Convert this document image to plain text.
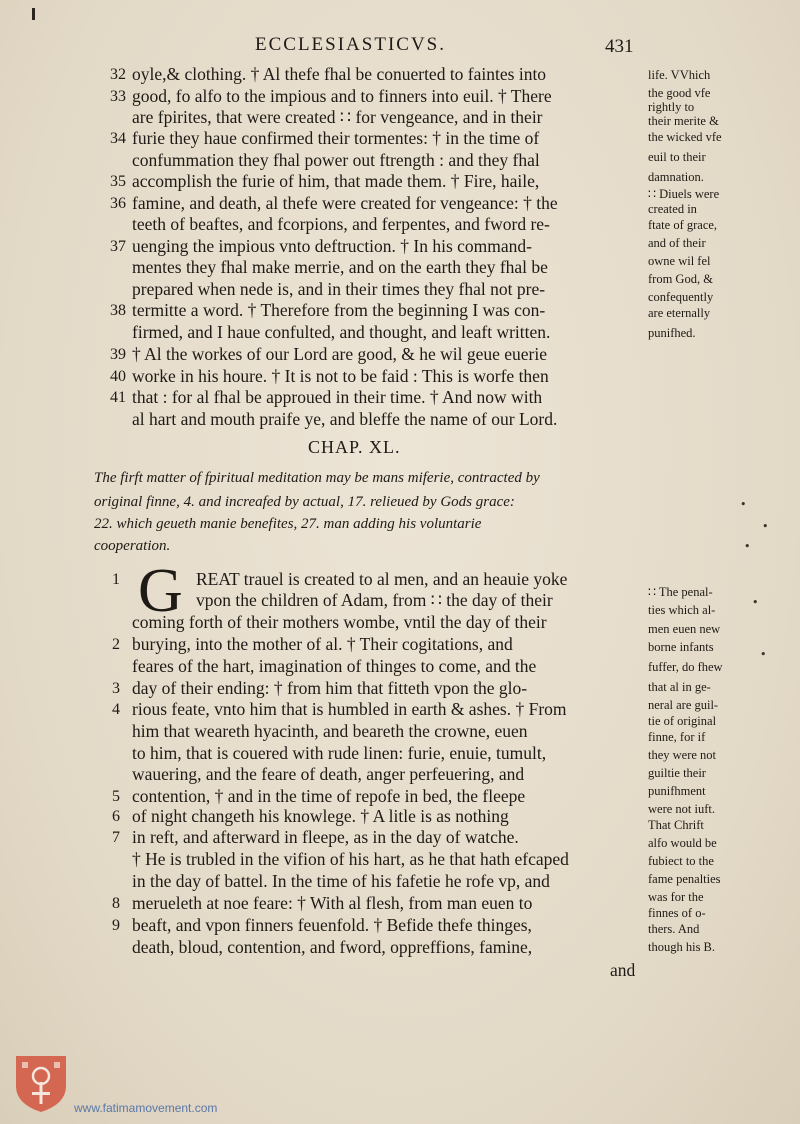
ECCLESIASTICVS.	431
32
33
34
35
36
37
38
39
40
41
oyle,& clothing. † Al thefe fhal be conuerted to faintes into
good, fo alfo to the impious and to finners into euil. † There
are fpirites, that were created ∷ for vengeance, and in their
furie they haue confirmed their tormentes: † in the time of
confummation they fhal power out ftrength : and they fhal
accomplish the furie of him, that made them. † Fire, haile,
famine, and death, al thefe were created for vengeance: † the
teeth of beaftes, and fcorpions, and ferpentes, and fword re-
uenging the impious vnto deftruction. † In his command-
mentes they fhal make merrie, and on the earth they fhal be
prepared when nede is, and in their times they fhal not pre-
termitte a word. † Therefore from the beginning I was con-
firmed, and I haue confulted, and thought, and leaft written.
† Al the workes of our Lord are good, & he wil geue euerie
worke in his houre. † It is not to be faid : This is worfe then
that : for al fhal be approued in their time. † And now with
al hart and mouth praife ye, and bleffe the name of our Lord.
life. VVhich
the good vfe
rightly to
their merite &
the wicked vfe
euil to their
damnation.
∷ Diuels were
created in
ftate of grace,
and of their
owne wil fel
from God, &
confequently
are eternally
punifhed.
CHAP. XL.
The firft matter of fpiritual meditation may be mans miferie, contracted by
original finne, 4. and increafed by actual, 17. relieued by Gods grace:
22. which geueth manie benefites, 27. man adding his voluntarie
cooperation.
•
•
•
•
•
G
1
2
3
4
5
6
7
8
9
REAT trauel is created to al men, and an heauie yoke
vpon the children of Adam, from ∷ the day of their
coming forth of their mothers wombe, vntil the day of their
burying, into the mother of al. † Their cogitations, and
feares of the hart, imagination of thinges to come, and the
day of their ending: † from him that fitteth vpon the glo-
rious feate, vnto him that is humbled in earth & ashes. † From
him that weareth hyacinth, and beareth the crowne, euen
to him, that is couered with rude linen: furie, enuie, tumult,
wauering, and the feare of death, anger perfeuering, and
contention, † and in the time of repofe in bed, the fleepe
of night changeth his knowlege. † A litle is as nothing
in reft, and afterward in fleepe, as in the day of watche.
† He is trubled in the vifion of his hart, as he that hath efcaped
in the day of battel. In the time of his fafetie he rofe vp, and
merueleth at noe feare: † With al flesh, from man euen to
beaft, and vpon finners feuenfold. † Befide thefe thinges,
death, bloud, contention, and fword, oppreffions, famine,
and
∷ The penal-
ties which al-
men euen new
borne infants
fuffer, do fhew
that al in ge-
neral are guil-
tie of original
finne, for if
they were not
guiltie their
punifhment
were not iuft.
That Chrift
alfo would be
fubiect to the
fame penalties
was for the
finnes of o-
thers. And
though his B.
www.fatimamovement.com
